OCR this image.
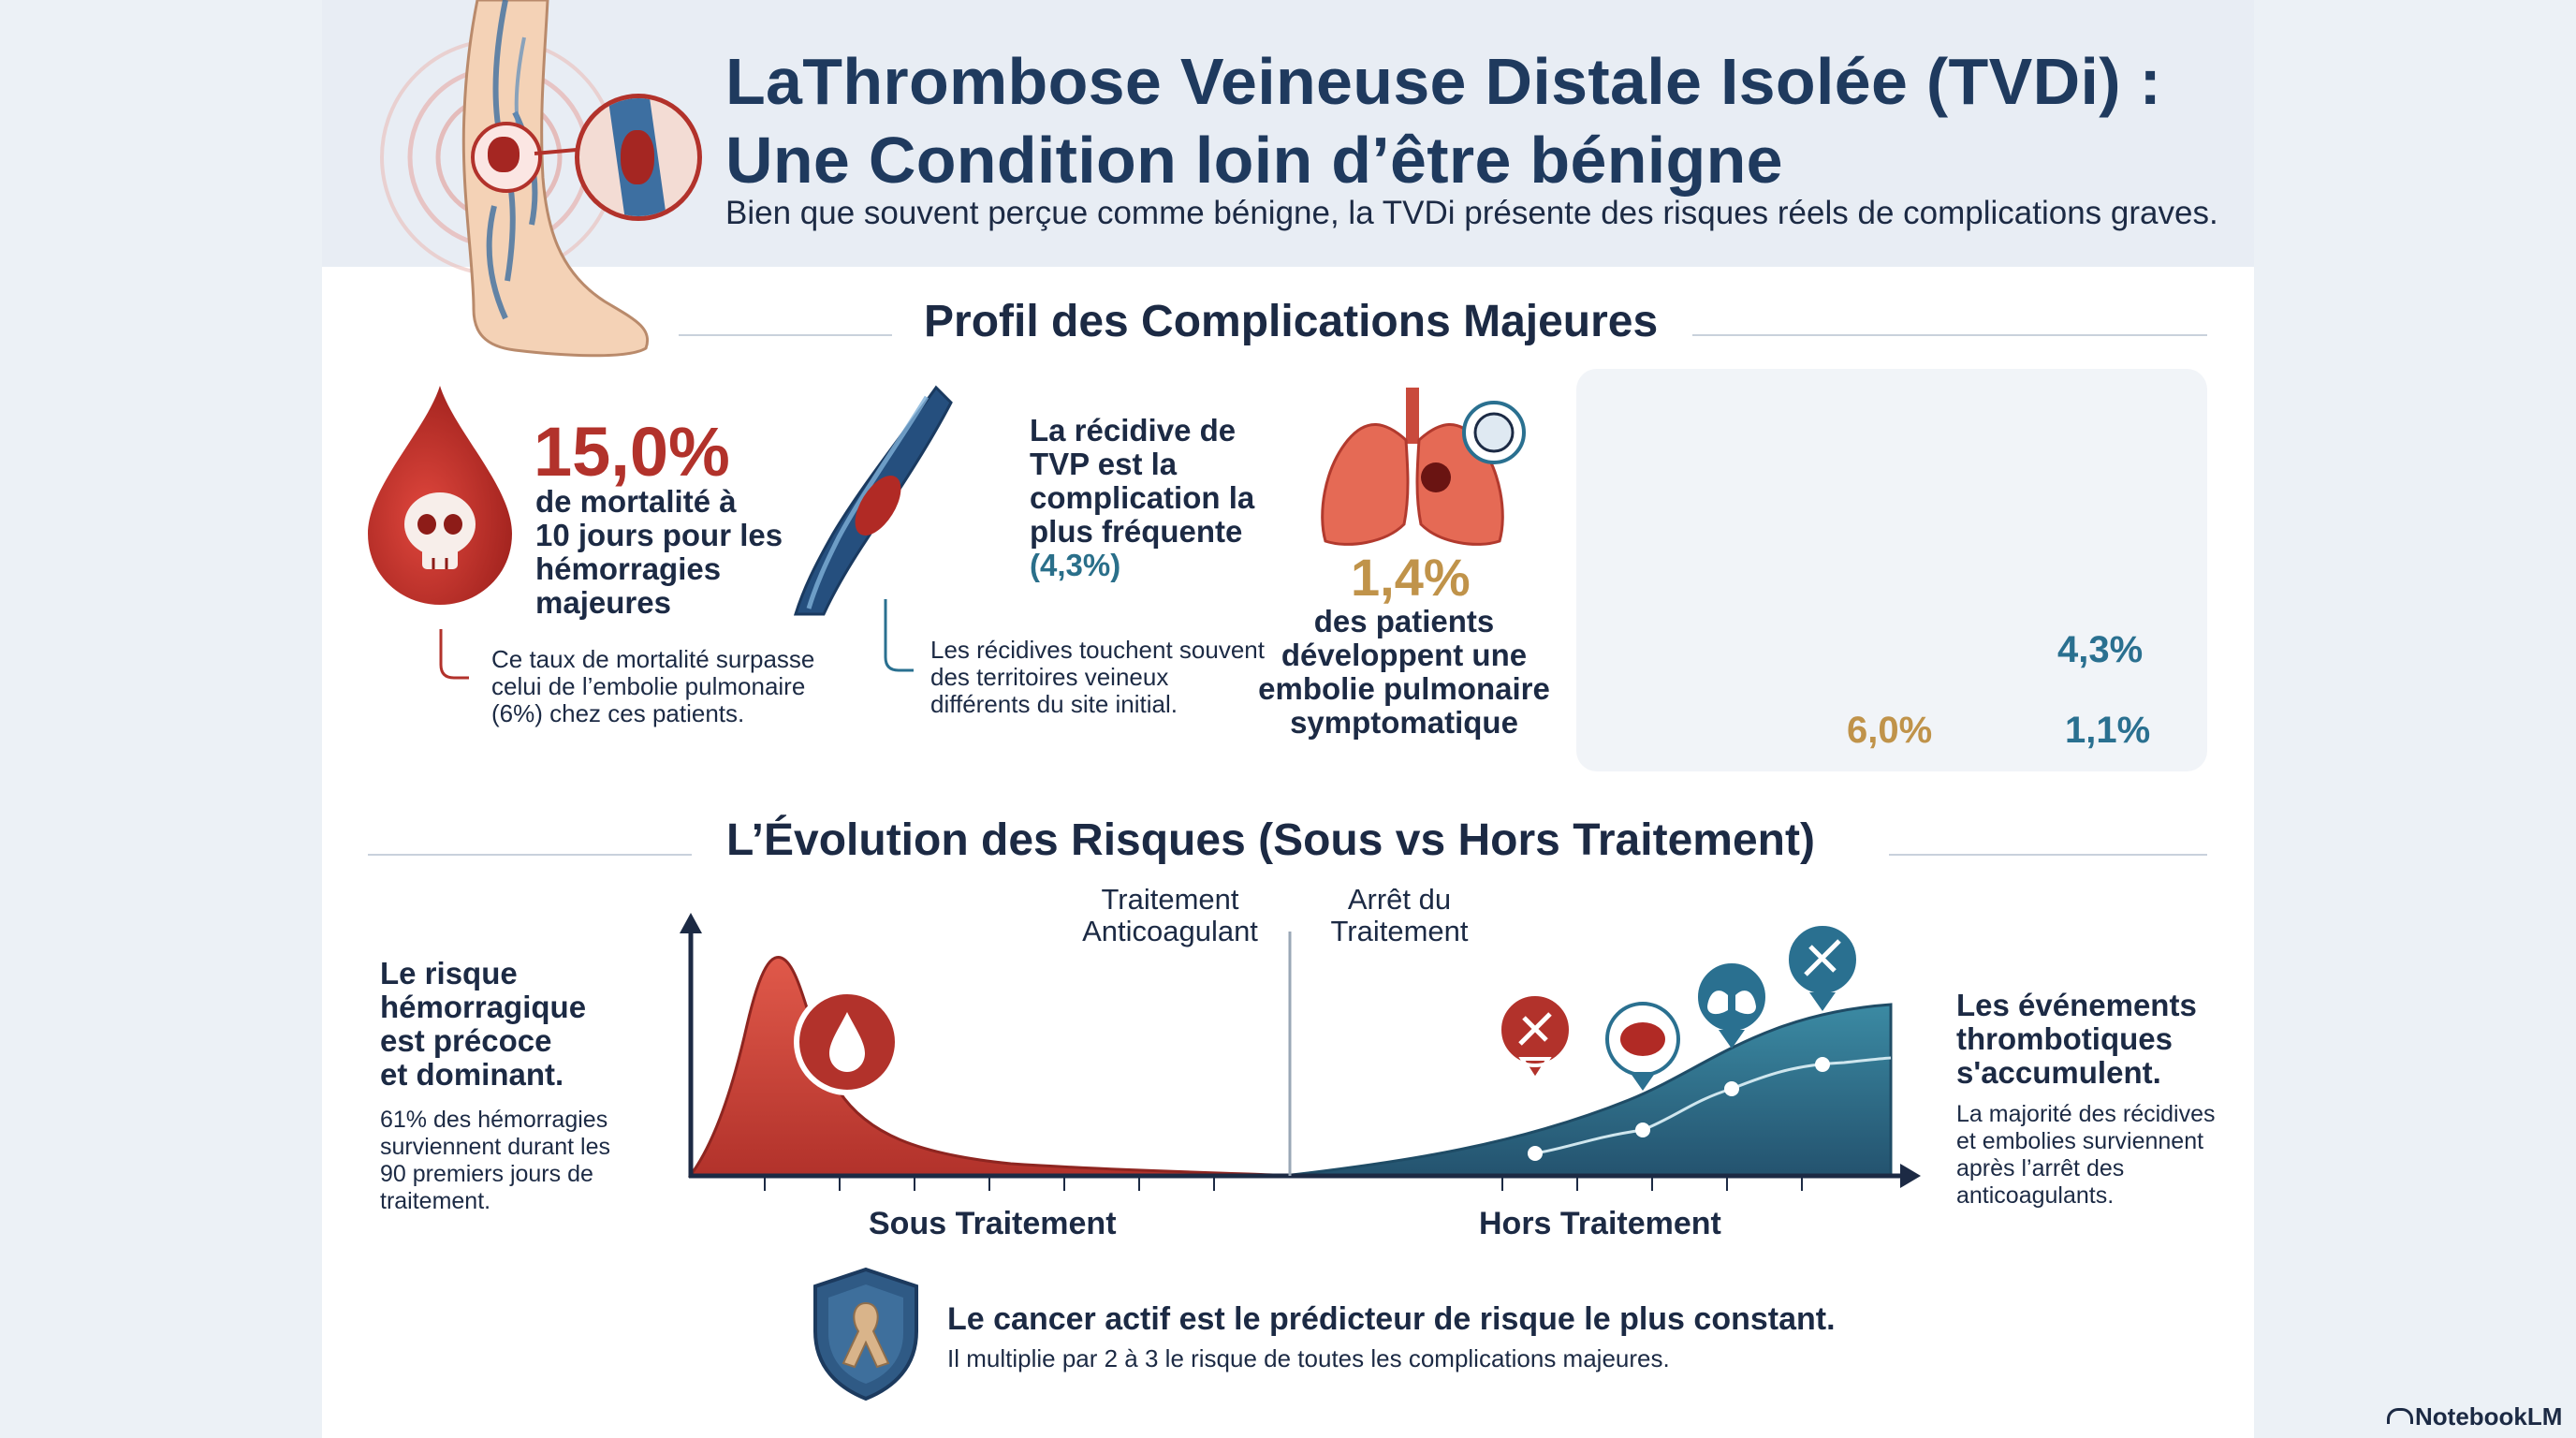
LaThrombose Veineuse Distale Isolée (TVDi) :
Une Condition loin d’être bénigne
Bien que souvent perçue comme bénigne, la TVDi présente des risques réels de complications graves.
Profil des Complications Majeures
15,0%
de mortalité à
10 jours pour les
hémorragies
majeures
Ce taux de mortalité surpasse
celui de l’embolie pulmonaire
(6%) chez ces patients.
La récidive de
TVP est la
complication la
plus fréquente
(4,3%)
Les récidives touchent souvent
des territoires veineux
différents du site initial.
1,4%
des patients
développent une
embolie pulmonaire
symptomatique
4,3%
6,0%	1,1%
L’Évolution des Risques (Sous vs Hors Traitement)
Le risque
hémorragique
est précoce
et dominant.
61% des hémorragies
surviennent durant les
90 premiers jours de
traitement.
Traitement
Anticoagulant
Arrêt du
Traitement
Sous Traitement	Hors Traitement
Les événements
thrombotiques
s'accumulent.
La majorité des récidives
et embolies surviennent
après l’arrêt des
anticoagulants.
Le cancer actif est le prédicteur de risque le plus constant.
Il multiplie par 2 à 3 le risque de toutes les complications majeures.
NotebookLM
